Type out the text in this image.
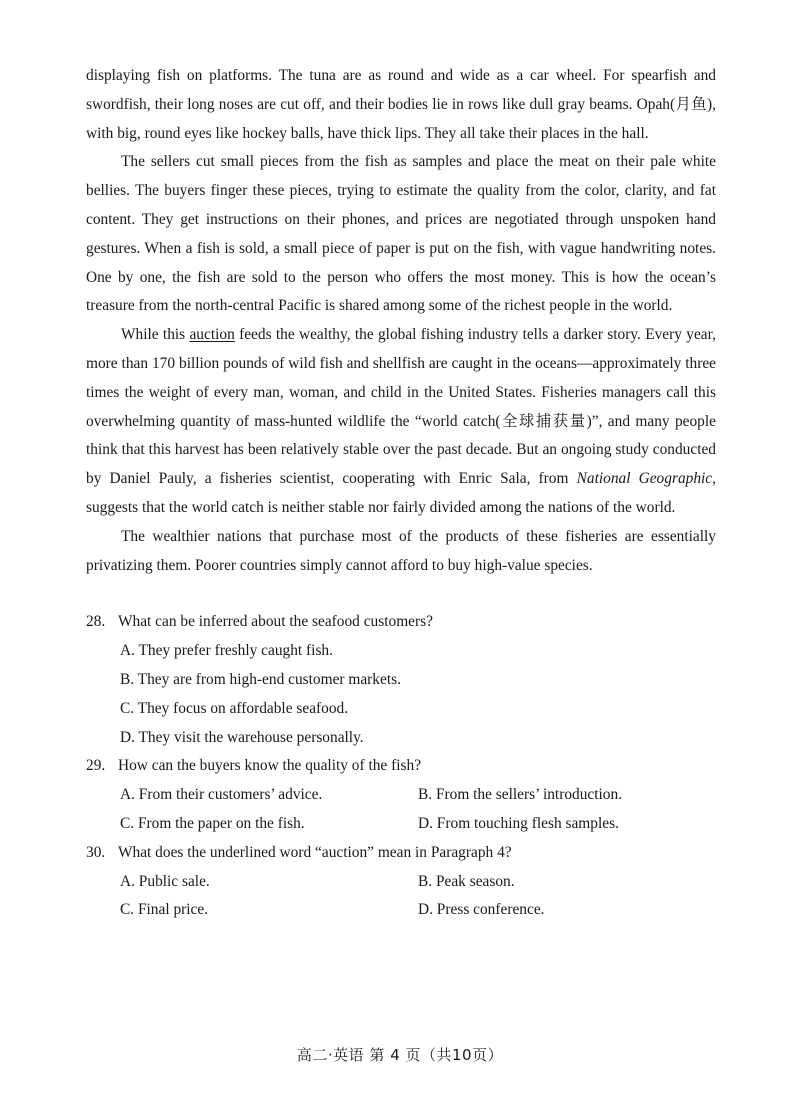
displaying fish on platforms. The tuna are as round and wide as a car wheel. For spearfish and swordfish, their long noses are cut off, and their bodies lie in rows like dull gray beams. Opah(月鱼), with big, round eyes like hockey balls, have thick lips. They all take their places in the hall.

The sellers cut small pieces from the fish as samples and place the meat on their pale white bellies. The buyers finger these pieces, trying to estimate the quality from the color, clarity, and fat content. They get instructions on their phones, and prices are negotiated through unspoken hand gestures. When a fish is sold, a small piece of paper is put on the fish, with vague handwriting notes. One by one, the fish are sold to the person who offers the most money. This is how the ocean’s treasure from the north-central Pacific is shared among some of the richest people in the world.

While this auction feeds the wealthy, the global fishing industry tells a darker story. Every year, more than 170 billion pounds of wild fish and shellfish are caught in the oceans—approximately three times the weight of every man, woman, and child in the United States. Fisheries managers call this overwhelming quantity of mass-hunted wildlife the “world catch(全球捕获量)”, and many people think that this harvest has been relatively stable over the past decade. But an ongoing study conducted by Daniel Pauly, a fisheries scientist, cooperating with Enric Sala, from National Geographic, suggests that the world catch is neither stable nor fairly divided among the nations of the world.

The wealthier nations that purchase most of the products of these fisheries are essentially privatizing them. Poorer countries simply cannot afford to buy high-value species.

28. What can be inferred about the seafood customers?
A. They prefer freshly caught fish.
B. They are from high-end customer markets.
C. They focus on affordable seafood.
D. They visit the warehouse personally.
29. How can the buyers know the quality of the fish?
A. From their customers’ advice.	B. From the sellers’ introduction.
C. From the paper on the fish.	D. From touching flesh samples.
30. What does the underlined word “auction” mean in Paragraph 4?
A. Public sale.	B. Peak season.
C. Final price.	D. Press conference.
高二·英语 第 4 页（共10页）
